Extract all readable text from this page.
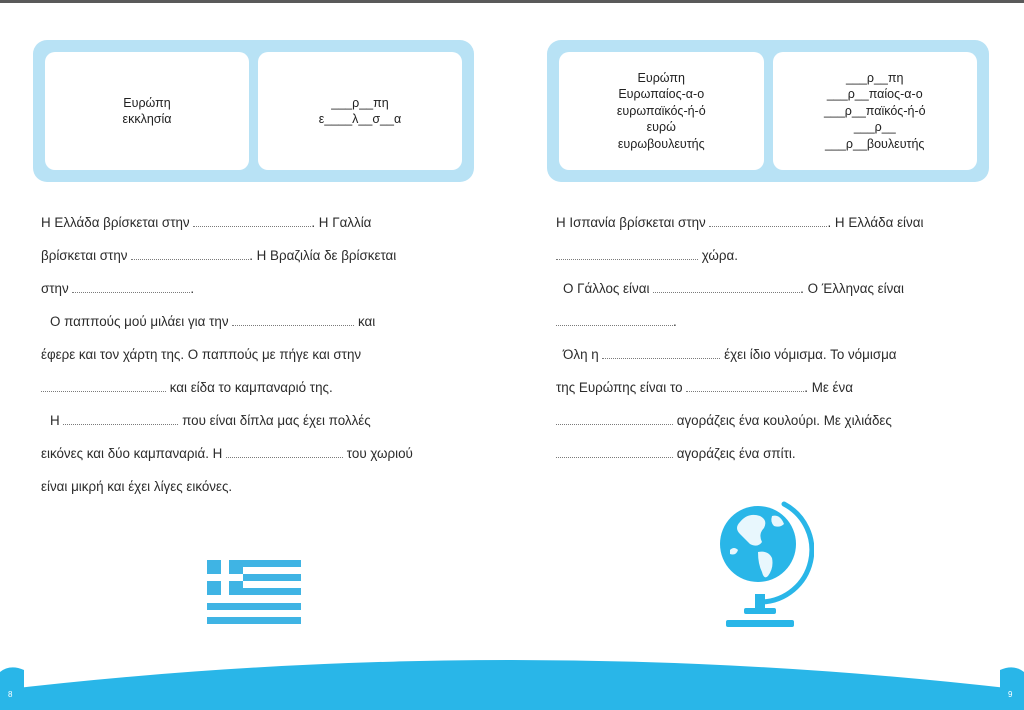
Ευρώπη
εκκλησία
___ρ__πη
ε____λ__σ__α
Ευρώπη
Ευρωπαίος-α-ο
ευρωπαϊκός-ή-ό
ευρώ
ευρωβουλευτής
___ρ__πη
___ρ__παίος-α-ο
___ρ__παϊκός-ή-ό
___ρ__
___ρ__βουλευτής
Η Ελλάδα βρίσκεται στην	. Η Γαλλία
βρίσκεται στην	. Η Βραζιλία δε βρίσκεται
στην	.
Ο παππούς μού μιλάει για την	και
έφερε και τον χάρτη της. Ο παππούς με πήγε και στην
και είδα το καμπαναριό της.
Η	που είναι δίπλα μας έχει πολλές
εικόνες και δύο καμπαναριά. Η	του χωριού
είναι μικρή και έχει λίγες εικόνες.
Η Ισπανία βρίσκεται στην	. Η Ελλάδα είναι
χώρα.
Ο Γάλλος είναι	. Ο Έλληνας είναι
.
Όλη η	έχει ίδιο νόμισμα. Το νόμισμα
της Ευρώπης είναι το	. Με ένα
αγοράζεις ένα κουλούρι. Με χιλιάδες
αγοράζεις ένα σπίτι.
8	9
